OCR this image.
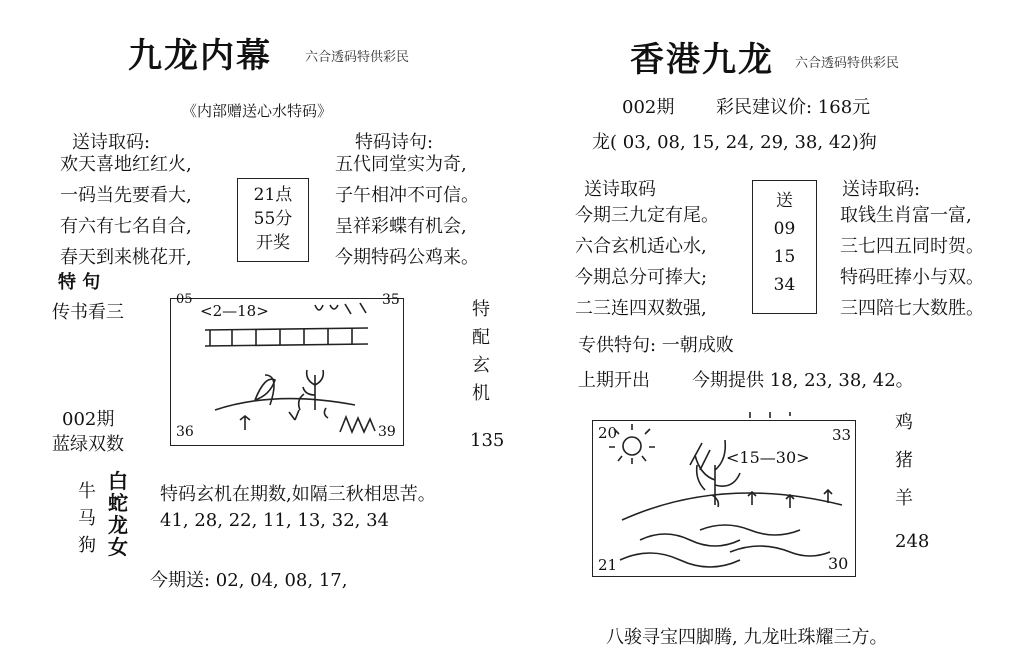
九龙内幕	六合透码特供彩民
《内部赠送心水特码》
送诗取码:
欢天喜地红红火,
一码当先要看大,
有六有七名自合,
春天到来桃花开,
21点
55分
开奖
特码诗句:
五代同堂实为奇,
子午相冲不可信。
呈祥彩蝶有机会,
今期特码公鸡来。
特 句
传书看三
002期
蓝绿双数
05	35
36	39
<2—18>	特
配
玄
机
135
牛
马
狗
白
蛇
龙
女
特码玄机在期数,如隔三秋相思苦。
41, 28, 22, 11, 13, 32, 34
今期送: 02, 04, 08, 17,
香港九龙 六合透码特供彩民
002期 彩民建议价: 168元
龙( 03, 08, 15, 24, 29, 38, 42)狗
送诗取码
今期三九定有尾。
六合玄机适心水,
今期总分可捧大;
二三连四双数强,
送
09
15
34
送诗取码:
取钱生肖富一富,
三七四五同时贺。
特码旺捧小与双。
三四陪七大数胜。
专供特句: 一朝成败
上期开出 今期提供 18, 23, 38, 42。
20	33
21	30
<15—30>
鸡
猪
羊
248
八骏寻宝四脚腾, 九龙吐珠耀三方。
